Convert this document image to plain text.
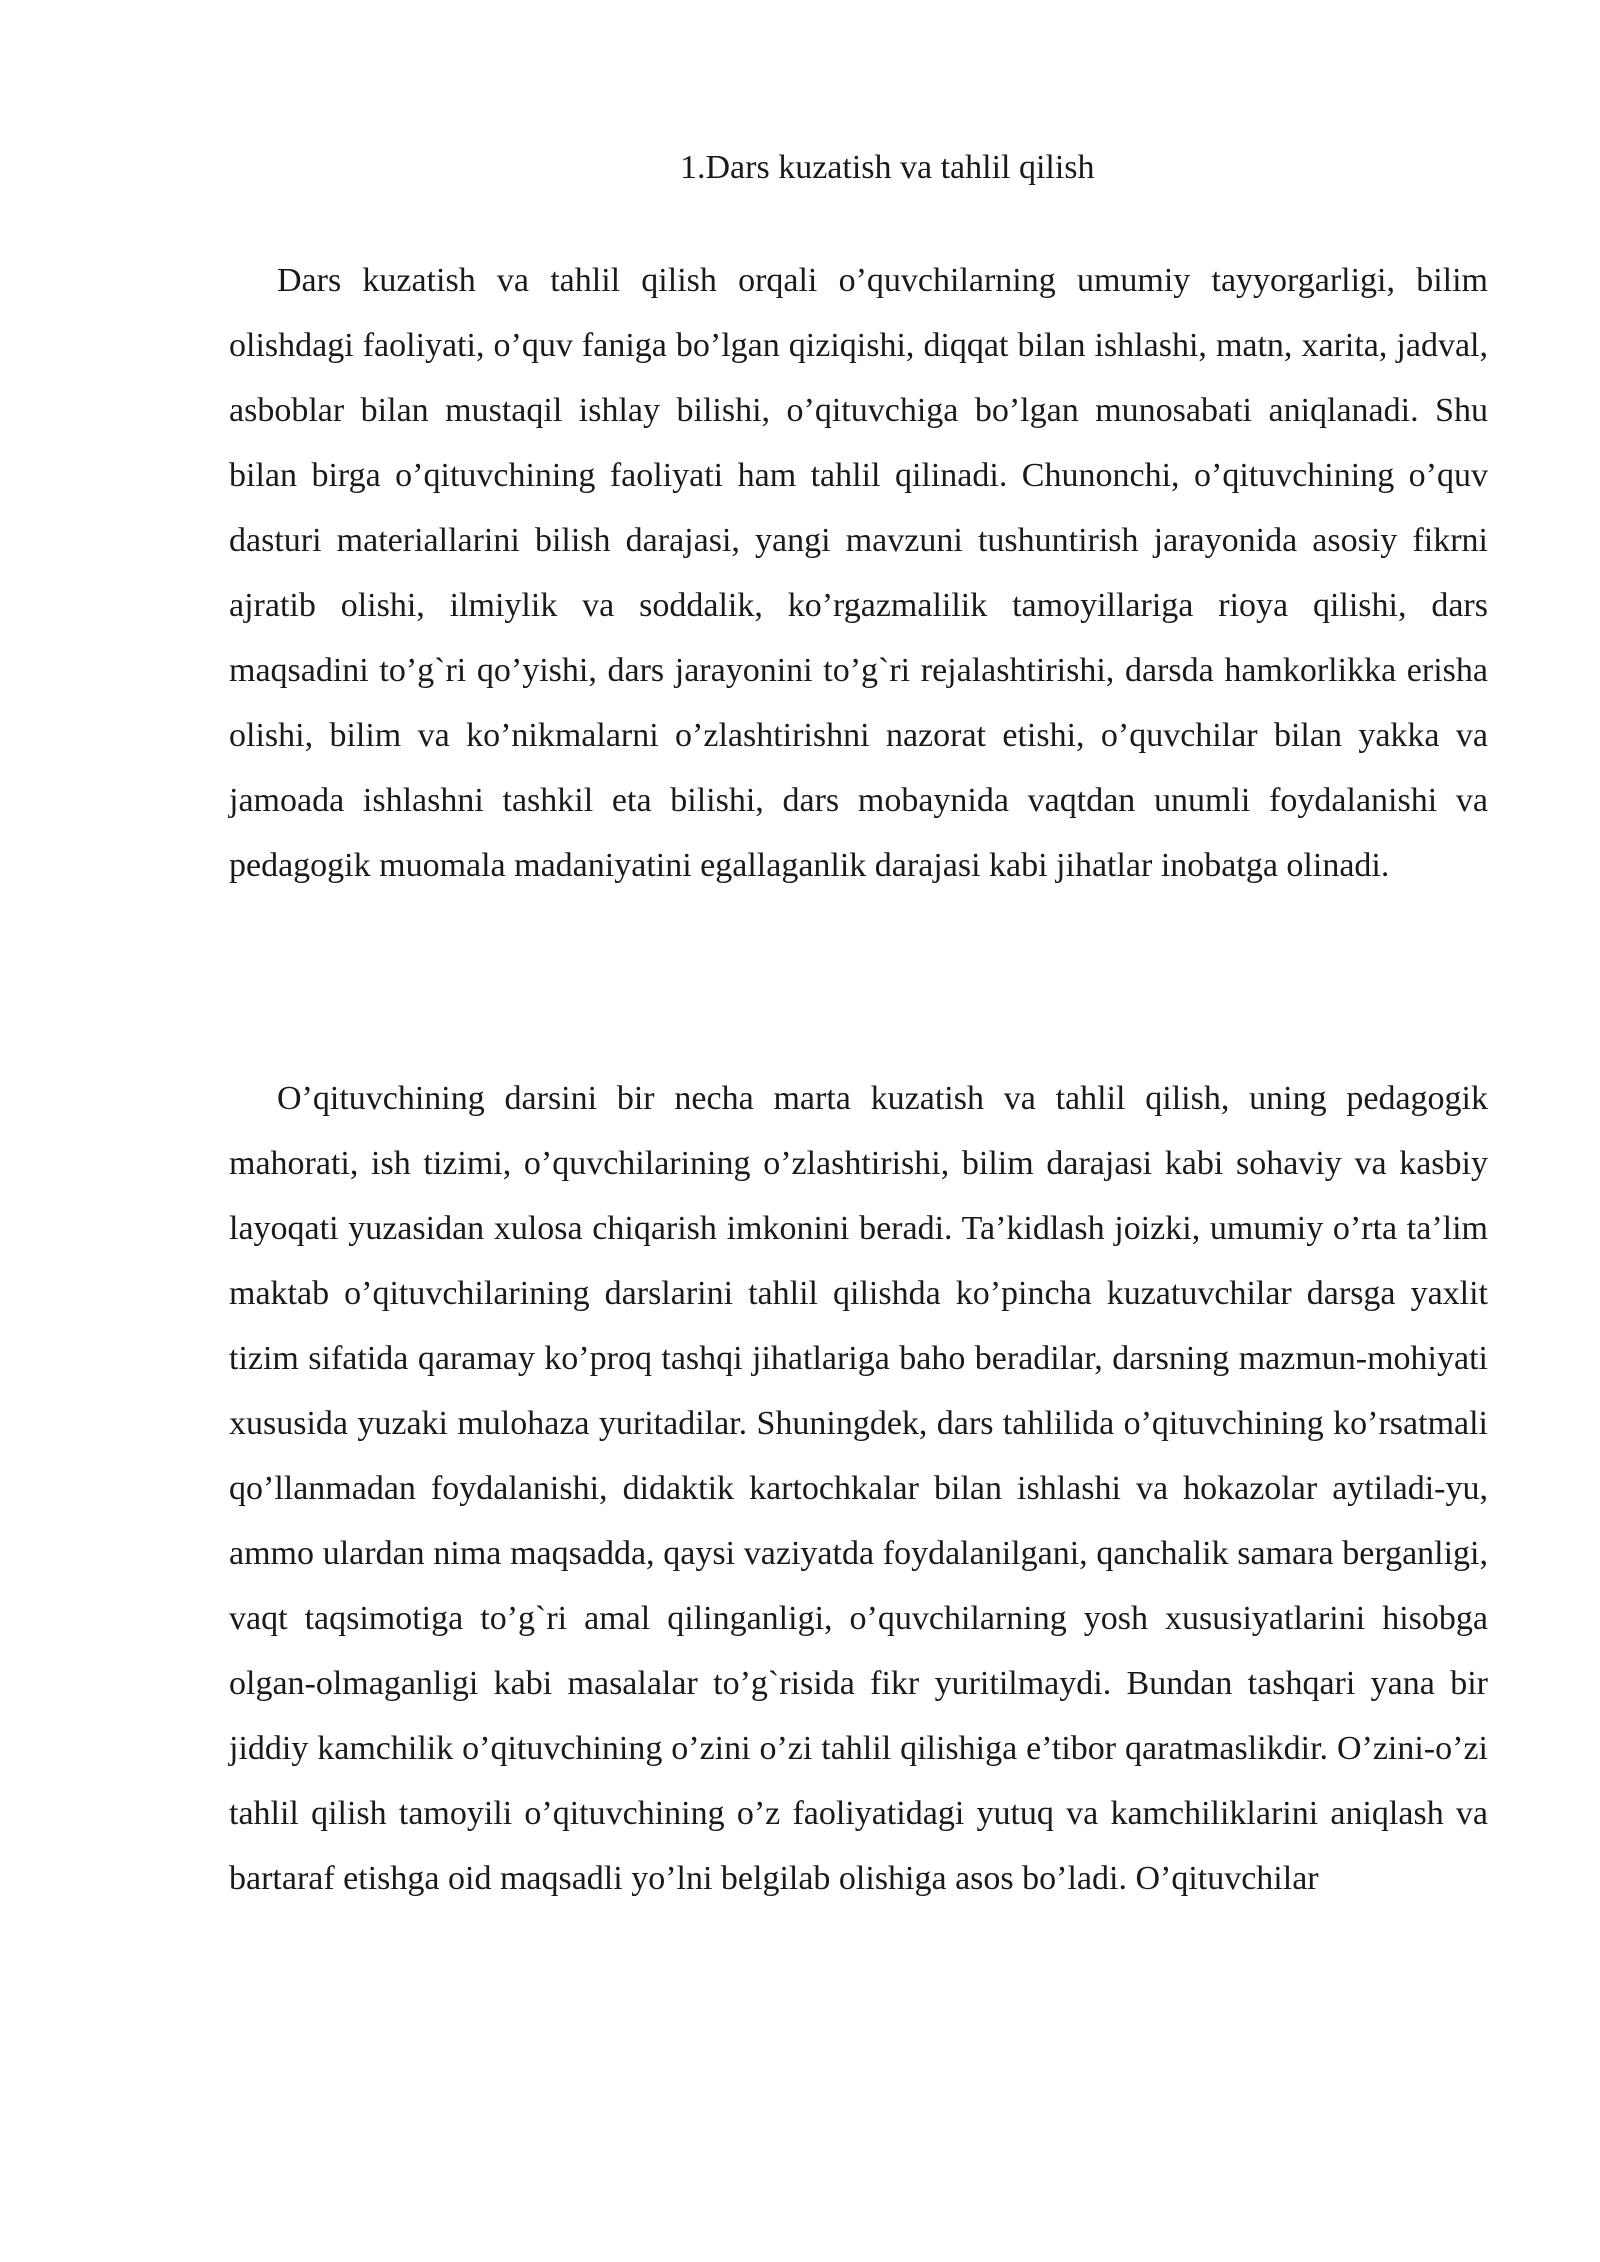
1.Dars kuzatish va tahlil qilish

Dars kuzatish va tahlil qilish orqali o’quvchilarning umumiy tayyorgarligi, bilim olishdagi faoliyati, o’quv faniga bo’lgan qiziqishi, diqqat bilan ishlashi, matn, xarita, jadval, asboblar bilan mustaqil ishlay bilishi, o’qituvchiga bo’lgan munosabati aniqlanadi. Shu bilan birga o’qituvchining faoliyati ham tahlil qilinadi. Chunonchi, o’qituvchining o’quv dasturi materiallarini bilish darajasi, yangi mavzuni tushuntirish jarayonida asosiy fikrni ajratib olishi, ilmiylik va soddalik, ko’rgazmalilik tamoyillariga rioya qilishi, dars maqsadini to’g`ri qo’yishi, dars jarayonini to’g`ri rejalashtirishi, darsda hamkorlikka erisha olishi, bilim va ko’nikmalarni o’zlashtirishni nazorat etishi, o’quvchilar bilan yakka va jamoada ishlashni tashkil eta bilishi, dars mobaynida vaqtdan unumli foydalanishi va pedagogik muomala madaniyatini egallaganlik darajasi kabi jihatlar inobatga olinadi.

O’qituvchining darsini bir necha marta kuzatish va tahlil qilish, uning pedagogik mahorati, ish tizimi, o’quvchilarining o’zlashtirishi, bilim darajasi kabi sohaviy va kasbiy layoqati yuzasidan xulosa chiqarish imkonini beradi. Ta’kidlash joizki, umumiy o’rta ta’lim maktab o’qituvchilarining darslarini tahlil qilishda ko’pincha kuzatuvchilar darsga yaxlit tizim sifatida qaramay ko’proq tashqi jihatlariga baho beradilar, darsning mazmun-mohiyati xususida yuzaki mulohaza yuritadilar. Shuningdek, dars tahlilida o’qituvchining ko’rsatmali qo’llanmadan foydalanishi, didaktik kartochkalar bilan ishlashi va hokazolar aytiladi-yu, ammo ulardan nima maqsadda, qaysi vaziyatda foydalanilgani, qanchalik samara berganligi, vaqt taqsimotiga to’g`ri amal qilinganligi, o’quvchilarning yosh xususiyatlarini hisobga olgan-olmaganligi kabi masalalar to’g`risida fikr yuritilmaydi. Bundan tashqari yana bir jiddiy kamchilik o’qituvchining o’zini o’zi tahlil qilishiga e’tibor qaratmaslikdir. O’zini-o’zi tahlil qilish tamoyili o’qituvchining o’z faoliyatidagi yutuq va kamchiliklarini aniqlash va bartaraf etishga oid maqsadli yo’lni belgilab olishiga asos bo’ladi. O’qituvchilar
